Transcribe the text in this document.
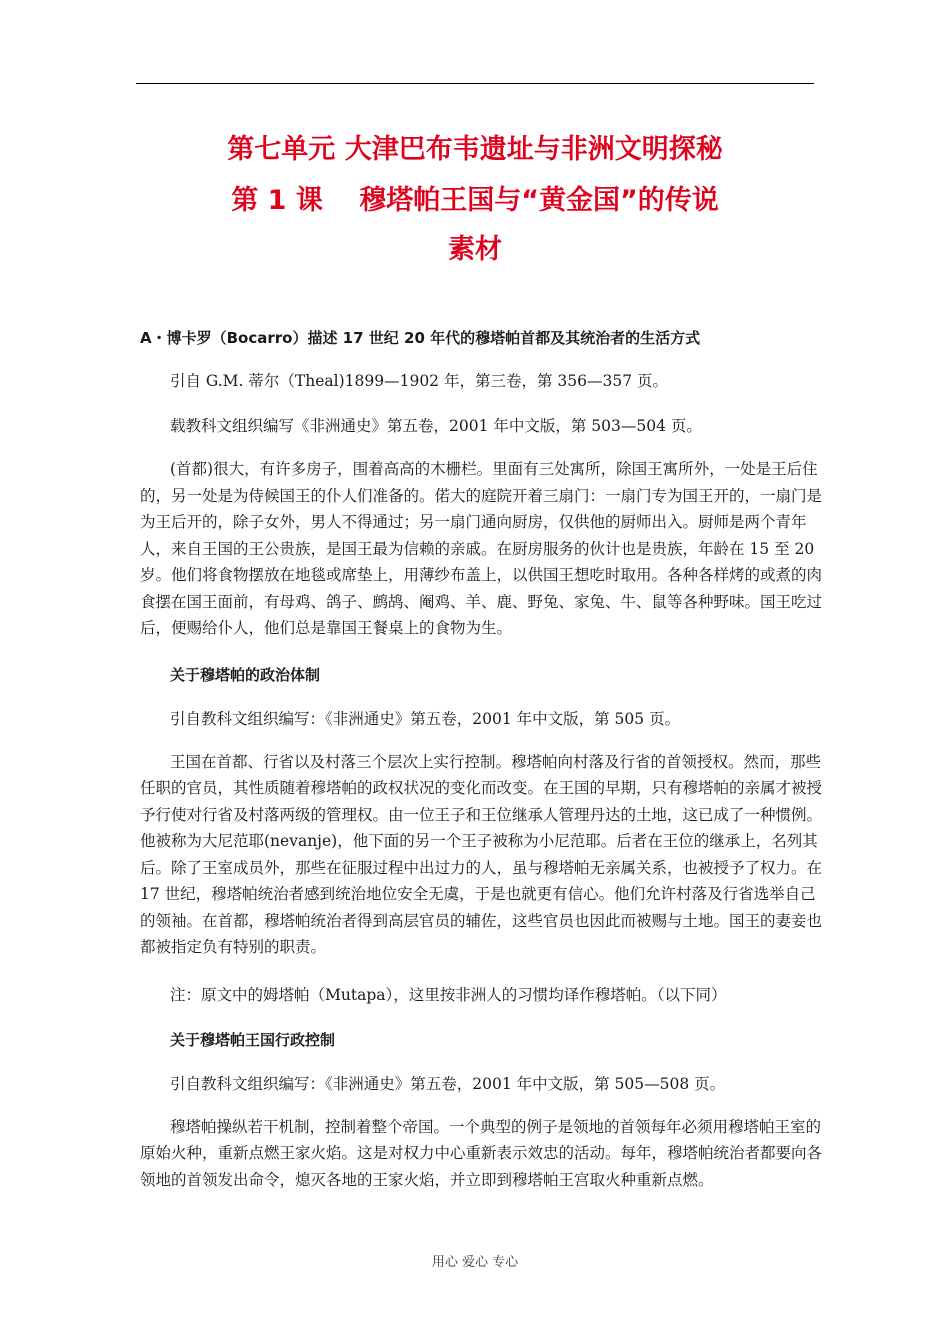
第七单元 大津巴布韦遗址与非洲文明探秘
第 1 课　 穆塔帕王国与“黄金国”的传说
素材

A・博卡罗（Bocarro）描述 17 世纪 20 年代的穆塔帕首都及其统治者的生活方式

引自 G.M. 蒂尔（Theal)1899—1902 年，第三卷，第 356—357 页。

载教科文组织编写《非洲通史》第五卷，2001 年中文版，第 503—504 页。

(首都)很大，有许多房子，围着高高的木栅栏。里面有三处寓所，除国王寓所外，一处是王后住的，另一处是为侍候国王的仆人们准备的。偌大的庭院开着三扇门：一扇门专为国王开的，一扇门是为王后开的，除子女外，男人不得通过；另一扇门通向厨房，仅供他的厨师出入。厨师是两个青年人，来自王国的王公贵族，是国王最为信赖的亲戚。在厨房服务的伙计也是贵族，年龄在 15 至 20 岁。他们将食物摆放在地毯或席垫上，用薄纱布盖上，以供国王想吃时取用。各种各样烤的或煮的肉食摆在国王面前，有母鸡、鸽子、鹧鸪、阉鸡、羊、鹿、野兔、家兔、牛、鼠等各种野味。国王吃过后，便赐给仆人，他们总是靠国王餐桌上的食物为生。

关于穆塔帕的政治体制

引自教科文组织编写：《非洲通史》第五卷，2001 年中文版，第 505 页。

王国在首都、行省以及村落三个层次上实行控制。穆塔帕向村落及行省的首领授权。然而，那些任职的官员，其性质随着穆塔帕的政权状况的变化而改变。在王国的早期，只有穆塔帕的亲属才被授予行使对行省及村落两级的管理权。由一位王子和王位继承人管理丹达的土地，这已成了一种惯例。他被称为大尼范耶(nevanje)，他下面的另一个王子被称为小尼范耶。后者在王位的继承上，名列其后。除了王室成员外，那些在征服过程中出过力的人，虽与穆塔帕无亲属关系，也被授予了权力。在 17 世纪，穆塔帕统治者感到统治地位安全无虞，于是也就更有信心。他们允许村落及行省选举自己的领袖。在首都，穆塔帕统治者得到高层官员的辅佐，这些官员也因此而被赐与土地。国王的妻妾也都被指定负有特别的职责。

注：原文中的姆塔帕（Mutapa），这里按非洲人的习惯均译作穆塔帕。（以下同）

关于穆塔帕王国行政控制

引自教科文组织编写：《非洲通史》第五卷，2001 年中文版，第 505—508 页。

穆塔帕操纵若干机制，控制着整个帝国。一个典型的例子是领地的首领每年必须用穆塔帕王室的原始火种，重新点燃王家火焰。这是对权力中心重新表示效忠的活动。每年，穆塔帕统治者都要向各领地的首领发出命令，熄灭各地的王家火焰，并立即到穆塔帕王宫取火种重新点燃。

用心 爱心 专心
